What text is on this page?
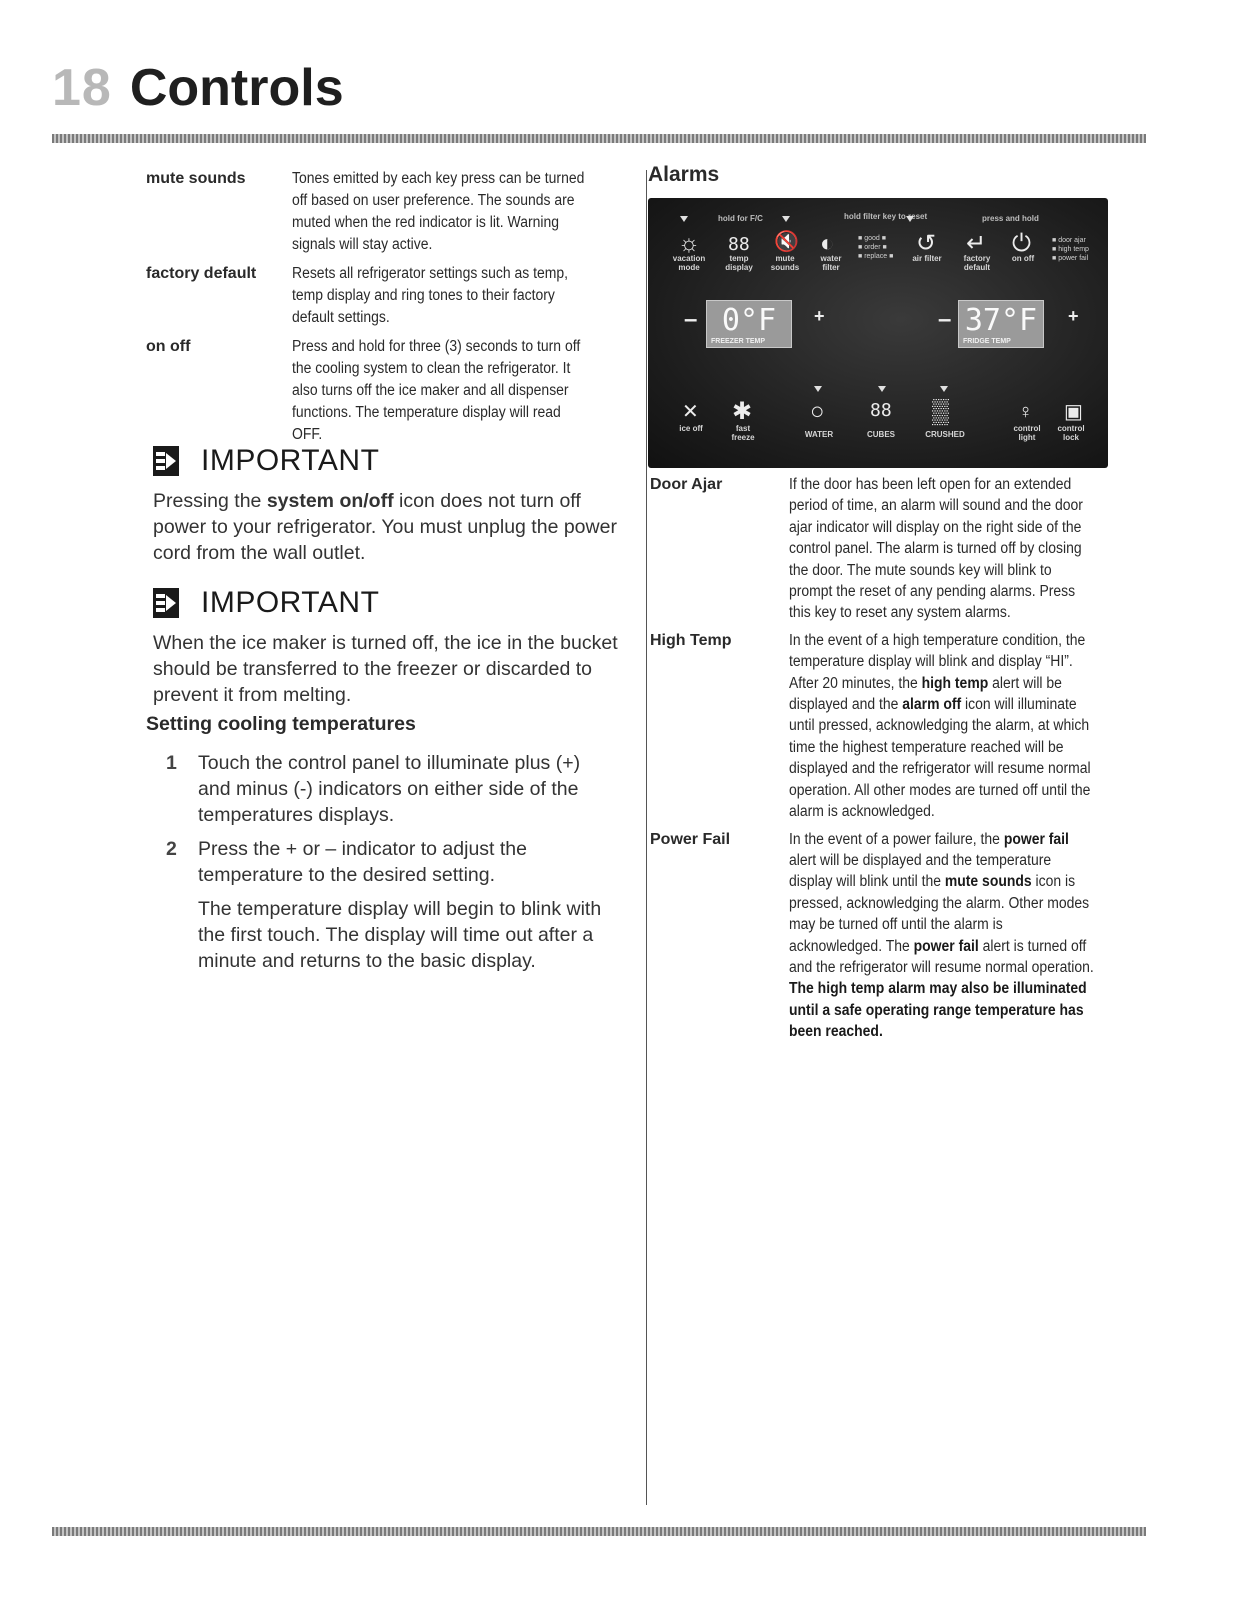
18 Controls
mute sounds	Tones emitted by each key press can be turned off based on user preference. The sounds are muted when the red indicator is lit. Warning signals will stay active.
factory default	Resets all refrigerator settings such as temp, temp display and ring tones to their factory default settings.
on off	Press and hold for three (3) seconds to turn off the cooling system to clean the refrigerator. It also turns off the ice maker and all dispenser functions. The temperature display will read OFF.
IMPORTANT
Pressing the system on/off icon does not turn off power to your refrigerator. You must unplug the power cord from the wall outlet.
IMPORTANT
When the ice maker is turned off, the ice in the bucket should be transferred to the freezer or discarded to prevent it from melting.
Setting cooling temperatures
1	Touch the control panel to illuminate plus (+) and minus (-) indicators on either side of the temperatures displays.
2	Press the + or – indicator to adjust the temperature to the desired setting.
The temperature display will begin to blink with the first touch. The display will time out after a minute and returns to the basic display.
Alarms
hold for F/C	hold filter key to reset	press and hold
☼
vacation mode
88
temp display
🔇
mute sounds
◐
water filter
■ good ■
■ order ■
■ replace ■ ↺
air filter
↵
factory default
⏻
on off
■ door ajar
■ high temp
■ power fail
– 0°F
FREEZER TEMP
+	– 37°F
FRIDGE TEMP
+
✕
ice off
✱
fast freeze
○
WATER
88
CUBES
▒
CRUSHED
♀
control light
▣
control lock
Door Ajar	If the door has been left open for an extended period of time, an alarm will sound and the door ajar indicator will display on the right side of the control panel. The alarm is turned off by closing the door. The mute sounds key will blink to prompt the reset of any pending alarms. Press this key to reset any system alarms.
High Temp	In the event of a high temperature condition, the temperature display will blink and display “HI”. After 20 minutes, the high temp alert will be displayed and the alarm off icon will illuminate until pressed, acknowledging the alarm, at which time the highest temperature reached will be displayed and the refrigerator will resume normal operation. All other modes are turned off until the alarm is acknowledged.
Power Fail	In the event of a power failure, the power fail alert will be displayed and the temperature display will blink until the mute sounds icon is pressed, acknowledging the alarm. Other modes may be turned off until the alarm is acknowledged. The power fail alert is turned off and the refrigerator will resume normal operation. The high temp alarm may also be illuminated until a safe operating range temperature has been reached.
